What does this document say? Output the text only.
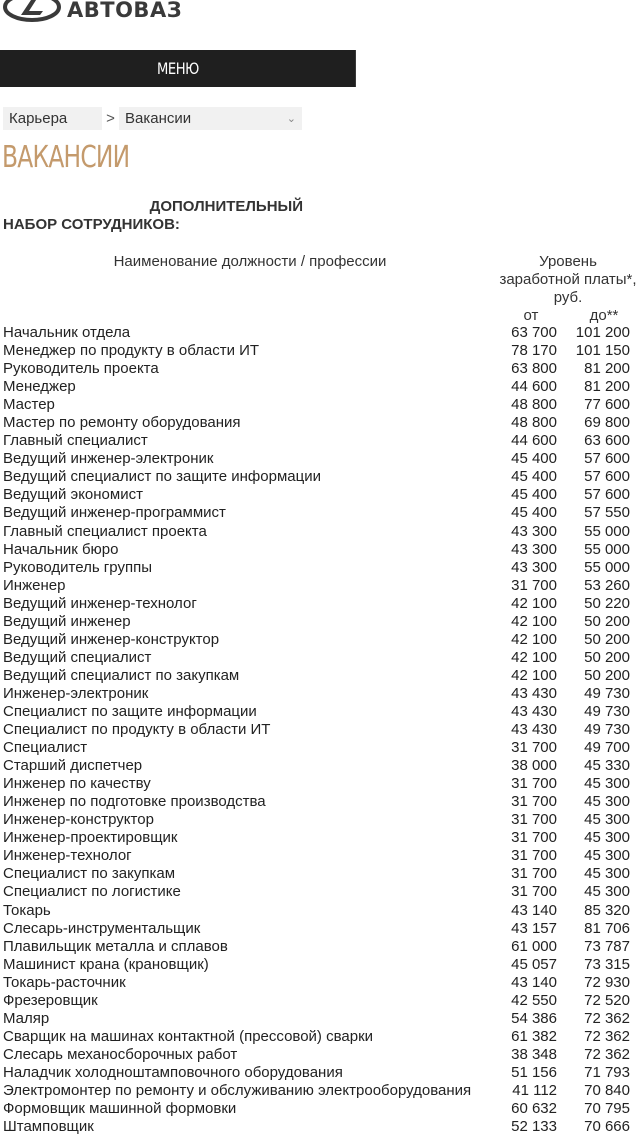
АВТОВАЗ
МЕНЮ
Карьера	> Вакансии	⌄
ВАКАНСИИ
ДОПОЛНИТЕЛЬНЫЙ
НАБОР СОТРУДНИКОВ:
Наименование должности / профессии	Уровень
заработной платы*,
руб.
от	до**
Начальник отдела	63 700	101 200
Менеджер по продукту в области ИТ	78 170	101 150
Руководитель проекта	63 800	81 200
Менеджер	44 600	81 200
Мастер	48 800	77 600
Мастер по ремонту оборудования	48 800	69 800
Главный специалист	44 600	63 600
Ведущий инженер-электроник	45 400	57 600
Ведущий специалист по защите информации	45 400	57 600
Ведущий экономист	45 400	57 600
Ведущий инженер-программист	45 400	57 550
Главный специалист проекта	43 300	55 000
Начальник бюро	43 300	55 000
Руководитель группы	43 300	55 000
Инженер	31 700	53 260
Ведущий инженер-технолог	42 100	50 220
Ведущий инженер	42 100	50 200
Ведущий инженер-конструктор	42 100	50 200
Ведущий специалист	42 100	50 200
Ведущий специалист по закупкам	42 100	50 200
Инженер-электроник	43 430	49 730
Специалист по защите информации	43 430	49 730
Специалист по продукту в области ИТ	43 430	49 730
Специалист	31 700	49 700
Старший диспетчер	38 000	45 330
Инженер по качеству	31 700	45 300
Инженер по подготовке производства	31 700	45 300
Инженер-конструктор	31 700	45 300
Инженер-проектировщик	31 700	45 300
Инженер-технолог	31 700	45 300
Специалист по закупкам	31 700	45 300
Специалист по логистике	31 700	45 300
Токарь	43 140	85 320
Слесарь-инструментальщик	43 157	81 706
Плавильщик металла и сплавов	61 000	73 787
Машинист крана (крановщик)	45 057	73 315
Токарь-расточник	43 140	72 930
Фрезеровщик	42 550	72 520
Маляр	54 386	72 362
Сварщик на машинах контактной (прессовой) сварки	61 382	72 362
Слесарь механосборочных работ	38 348	72 362
Наладчик холодноштамповочного оборудования	51 156	71 793
Электромонтер по ремонту и обслуживанию электрооборудования	41 112	70 840
Формовщик машинной формовки	60 632	70 795
Штамповщик	52 133	70 666
